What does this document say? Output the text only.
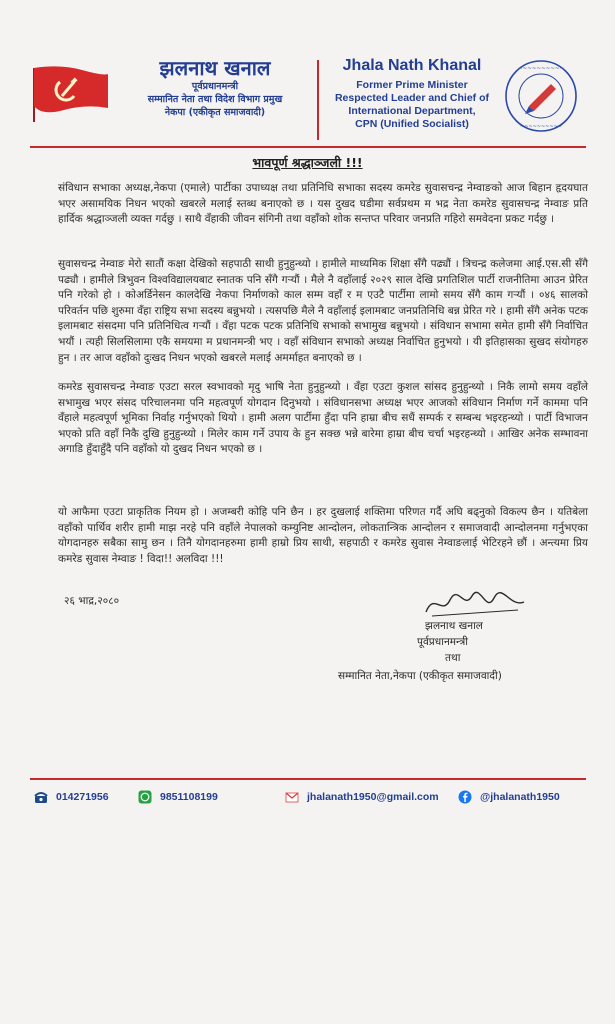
झलनाथ खनाल
पूर्वप्रधानमन्त्री
सम्मानित नेता तथा विदेश विभाग प्रमुख
नेकपा (एकीकृत समाजवादी)
Jhala Nath Khanal
Former Prime Minister
Respected Leader and Chief of
International Department,
CPN (Unified Socialist)
~~~~~~~~~~
~~~~~~~~~~
भावपूर्ण श्रद्धाञ्जली !!!
संविधान सभाका अध्यक्ष,नेकपा (एमाले) पार्टीका उपाध्यक्ष तथा प्रतिनिधि सभाका सदस्य कमरेड सुवासचन्द्र नेम्वाङको आज बिहान हृदयघात भएर असामयिक निधन भएको खबरले मलाई स्तब्ध बनाएको छ । यस दुखद घडीमा सर्वप्रथम म भद्र नेता कमरेड सुवासचन्द्र नेम्वाङ प्रति हार्दिक श्रद्धाञ्जली व्यक्त गर्दछु । साथै वँहाकी जीवन संगिनी तथा वहाँको शोक सन्तप्त परिवार जनप्रति गहिरो समवेदना प्रकट गर्दछु ।
सुवासचन्द्र नेम्वाङ मेरो सातौं कक्षा देखिको सहपाठी साथी हुनुहुन्थ्यो । हामीले माध्यमिक शिक्षा सँगै पढ्यौं । त्रिचन्द्र कलेजमा आई.एस.सी सँगै पढ्यौ । हामीले त्रिभुवन विश्वविद्यालयबाट स्नातक पनि सँगै गर्‍यौं । मैले नै वहाँलाई २०२९ साल देखि प्रगतिशिल पार्टी राजनीतिमा आउन प्रेरित पनि गरेको हो । कोअर्डिनेसन कालदेखि नेकपा निर्माणको काल सम्म वहाँ र म एउटै पार्टीमा लामो समय सँगै काम गर्‍यौं । ०४६ सालको परिवर्तन पछि शुरुमा वँहा राष्ट्रिय सभा सदस्य बन्नुभयो । त्यसपछि मैले नै वहाँलाई इलामबाट जनप्रतिनिधि बन्न प्रेरित गरे । हामी सँगै अनेक पटक इलामबाट संसदमा पनि प्रतिनिधित्व गर्‍यौं । वँहा पटक पटक प्रतिनिधि सभाको सभामुख बन्नुभयो । संविधान सभामा समेत हामी सँगै निर्वाचित भयौं । त्यही सिलसिलामा एकै समयमा म प्रधानमन्त्री भए । वहाँ संविधान सभाको अध्यक्ष निर्वाचित हुनुभयो । यी इतिहासका सुखद संयोगहरु हुन । तर आज वहाँको दुःखद निधन भएको खबरले मलाई अमर्माहत बनाएको छ ।
कमरेड सुवासचन्द्र नेम्वाङ एउटा सरल स्वभावको मृदु भाषि नेता हुनुहुन्थ्यो । वँहा एउटा कुशल सांसद हुनुहुन्थ्यो । निकै लामो समय वहाँले सभामुख भएर संसद परिचालनमा पनि महत्वपूर्ण योगदान दिनुभयो । संविधानसभा अध्यक्ष भएर आजको संविधान निर्माण गर्ने काममा पनि वँहाले महत्वपूर्ण भूमिका निर्वाह गर्नुभएको थियो । हामी अलग पार्टीमा हुँदा पनि हाम्रा बीच सधैं सम्पर्क र सम्बन्ध भइरहन्थ्यो । पार्टी विभाजन भएको प्रति वहाँ निकै दुखि हुनुहुन्थ्यो । मिलेर काम गर्ने उपाय के हुन सक्छ भन्ने बारेमा हाम्रा बीच चर्चा भइरहन्थ्यो । आखिर अनेक सम्भावना अगाडि हुँदाहुँदै पनि वहाँको यो दुखद निधन भएको छ ।
यो आफैमा एउटा प्राकृतिक नियम हो । अजम्बरी कोहि पनि छैन । हर दुखलाई शक्तिमा परिणत गर्दै अघि बढ्नुको विकल्प छैन । यतिबेला वहाँको पार्थिव शरीर हामी माझ नरहे पनि वहाँले नेपालको कम्युनिष्ट आन्दोलन, लोकतान्त्रिक आन्दोलन र समाजवादी आन्दोलनमा गर्नुभएका योगदानहरु सबैका सामु छन । तिनै योगदानहरुमा हामी हाम्रो प्रिय साथी, सहपाठी र कमरेड सुवास नेम्वाङलाई भेटिरहने छौं । अन्त्यमा प्रिय कमरेड सुवास नेम्वाङ ! विदा!! अलविदा !!!
२६ भाद्र,२०८०
झलनाथ खनाल
पूर्वप्रधानमन्त्री
तथा
सम्मानित नेता,नेकपा (एकीकृत समाजवादी)
014271956	9851108199	jhalanath1950@gmail.com	@jhalanath1950
